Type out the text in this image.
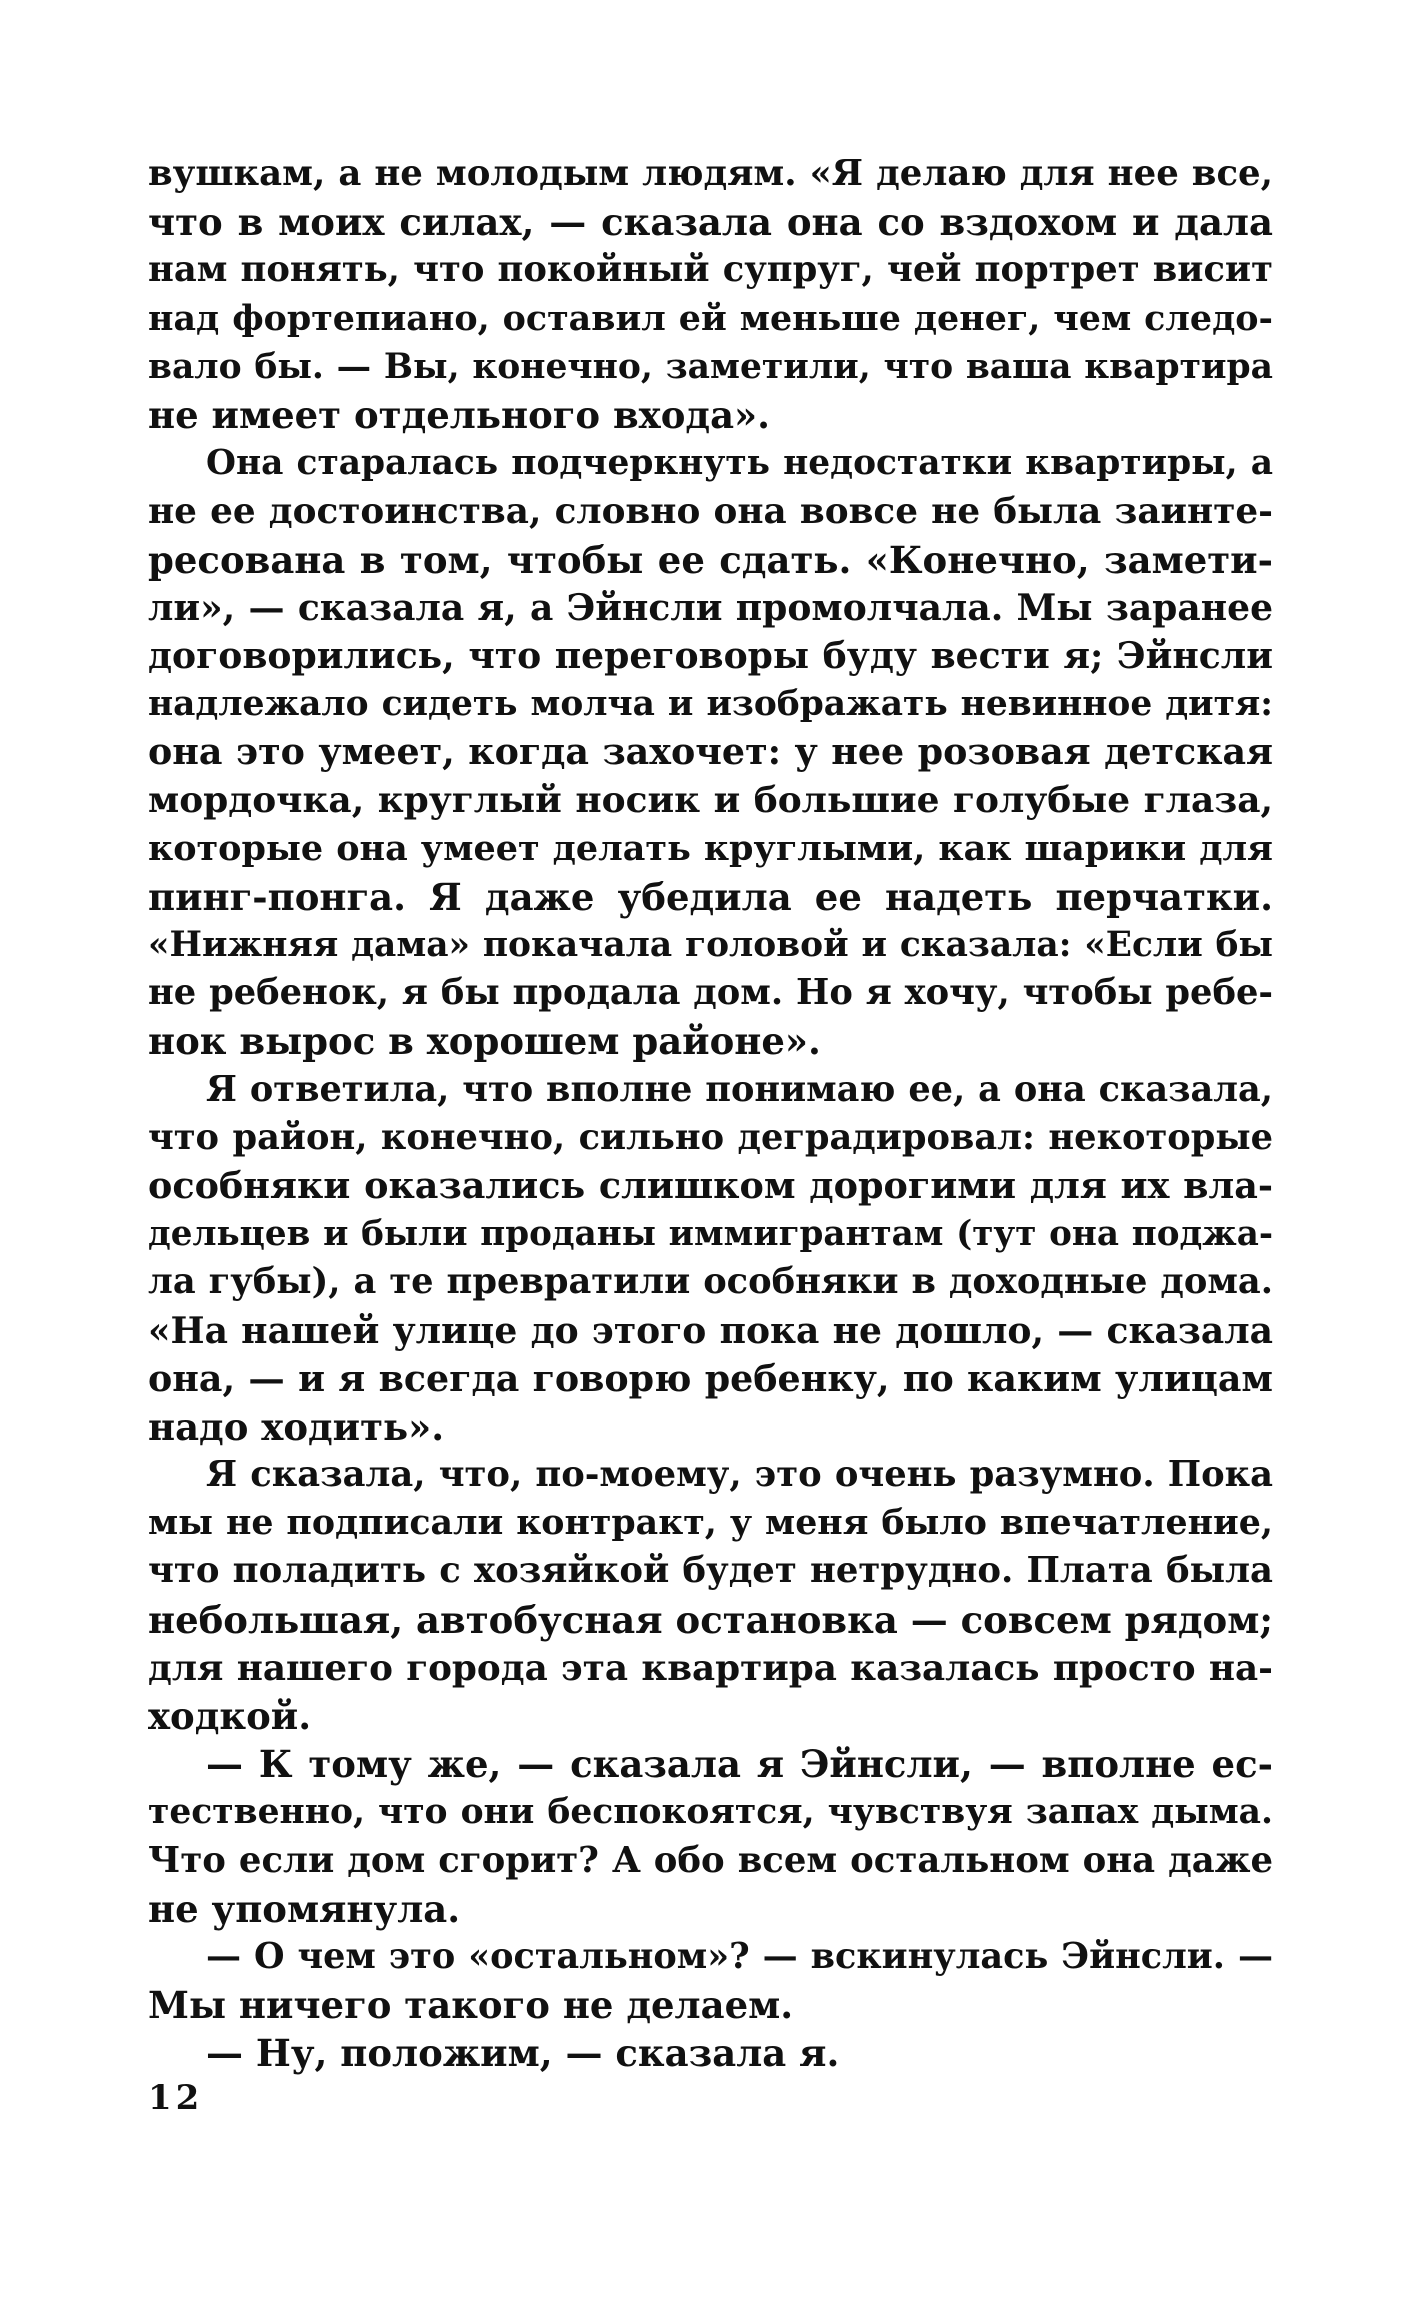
вушкам, а не молодым людям. «Я делаю для нее все,
что в моих силах, — сказала она со вздохом и дала
нам понять, что покойный супруг, чей портрет висит
над фортепиано, оставил ей меньше денег, чем следо-
вало бы. — Вы, конечно, заметили, что ваша квартира
не имеет отдельного входа».
Она старалась подчеркнуть недостатки квартиры, а
не ее достоинства, словно она вовсе не была заинте-
ресована в том, чтобы ее сдать. «Конечно, замети-
ли», — сказала я, а Эйнсли промолчала. Мы заранее
договорились, что переговоры буду вести я; Эйнсли
надлежало сидеть молча и изображать невинное дитя:
она это умеет, когда захочет: у нее розовая детская
мордочка, круглый носик и большие голубые глаза,
которые она умеет делать круглыми, как шарики для
пинг-понга. Я даже убедила ее надеть перчатки.
«Нижняя дама» покачала головой и сказала: «Если бы
не ребенок, я бы продала дом. Но я хочу, чтобы ребе-
нок вырос в хорошем районе».
Я ответила, что вполне понимаю ее, а она сказала,
что район, конечно, сильно деградировал: некоторые
особняки оказались слишком дорогими для их вла-
дельцев и были проданы иммигрантам (тут она поджа-
ла губы), а те превратили особняки в доходные дома.
«На нашей улице до этого пока не дошло, — сказала
она, — и я всегда говорю ребенку, по каким улицам
надо ходить».
Я сказала, что, по-моему, это очень разумно. Пока
мы не подписали контракт, у меня было впечатление,
что поладить с хозяйкой будет нетрудно. Плата была
небольшая, автобусная остановка — совсем рядом;
для нашего города эта квартира казалась просто на-
ходкой.
— К тому же, — сказала я Эйнсли, — вполне ес-
тественно, что они беспокоятся, чувствуя запах дыма.
Что если дом сгорит? А обо всем остальном она даже
не упомянула.
— О чем это «остальном»? — вскинулась Эйнсли. —
Мы ничего такого не делаем.
— Ну, положим, — сказала я.
12
